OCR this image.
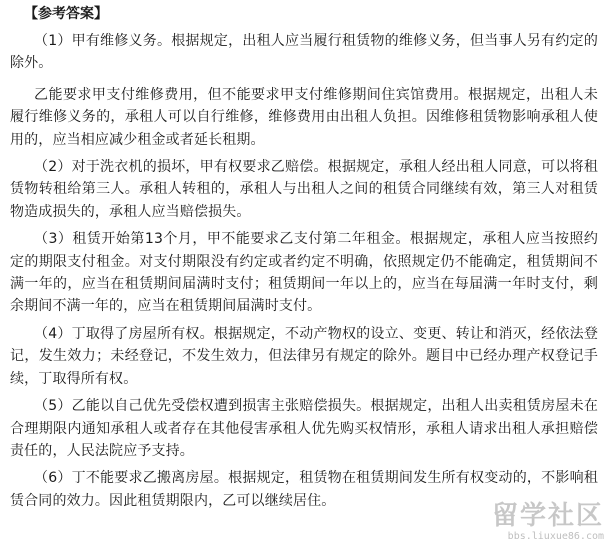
【参考答案】

（1）甲有维修义务。根据规定，出租人应当履行租赁物的维修义务，但当事人另有约定的除外。

乙能要求甲支付维修费用，但不能要求甲支付维修期间住宾馆费用。根据规定，出租人未履行维修义务的，承租人可以自行维修，维修费用由出租人负担。因维修租赁物影响承租人使用的，应当相应减少租金或者延长租期。

（2）对于洗衣机的损坏，甲有权要求乙赔偿。根据规定，承租人经出租人同意，可以将租赁物转租给第三人。承租人转租的，承租人与出租人之间的租赁合同继续有效，第三人对租赁物造成损失的，承租人应当赔偿损失。

（3）租赁开始第13个月，甲不能要求乙支付第二年租金。根据规定，承租人应当按照约定的期限支付租金。对支付期限没有约定或者约定不明确，依照规定仍不能确定，租赁期间不满一年的，应当在租赁期间届满时支付；租赁期间一年以上的，应当在每届满一年时支付，剩余期间不满一年的，应当在租赁期间届满时支付。

（4）丁取得了房屋所有权。根据规定，不动产物权的设立、变更、转让和消灭，经依法登记，发生效力；未经登记，不发生效力，但法律另有规定的除外。题目中已经办理产权登记手续，丁取得所有权。

（5）乙能以自己优先受偿权遭到损害主张赔偿损失。根据规定，出租人出卖租赁房屋未在合理期限内通知承租人或者存在其他侵害承租人优先购买权情形，承租人请求出租人承担赔偿责任的，人民法院应予支持。

（6）丁不能要求乙搬离房屋。根据规定，租赁物在租赁期间发生所有权变动的，不影响租赁合同的效力。因此租赁期限内，乙可以继续居住。

留学社区
bbs.liuxue86.com
